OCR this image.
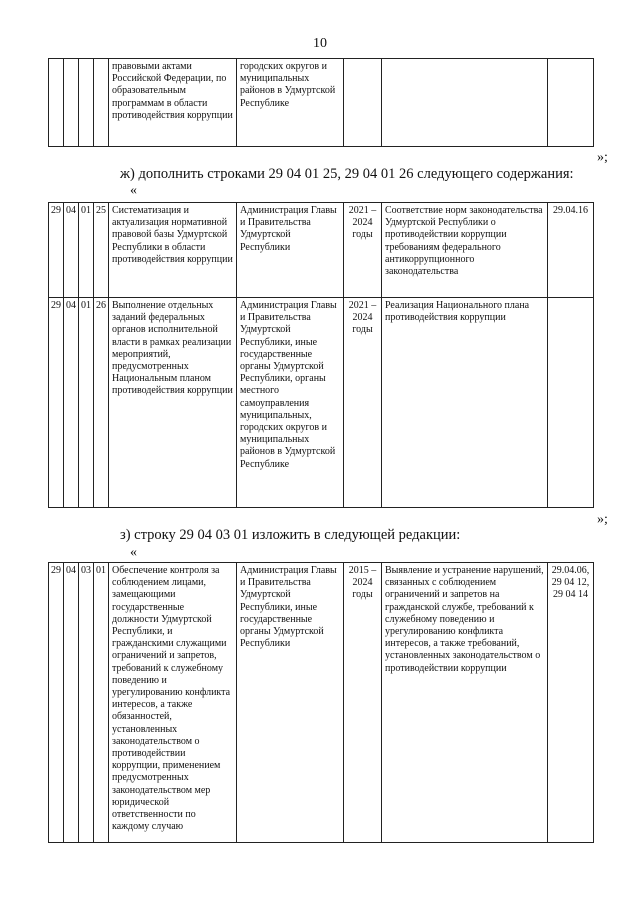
10
				правовыми актами Российской Федерации, по образовательным программам в области противодействия коррупции	городских округов и муниципальных районов в Удмуртской Республике			
»;
ж) дополнить строками 29 04 01 25, 29 04 01 26 следующего содержания:
«
29	04	01	25	Систематизация и актуализация нормативной правовой базы Удмуртской Республики в области противодействия коррупции	Администрация Главы и Правительства Удмуртской Республики	2021 – 2024 годы	Соответствие норм законодательства Удмуртской Республики о противодействии коррупции требованиям федерального антикоррупционного законодательства	29.04.16
29	04	01	26	Выполнение отдельных заданий федеральных органов исполнительной власти в рамках реализации мероприятий, предусмотренных Национальным планом противодействия коррупции	Администрация Главы и Правительства Удмуртской Республики, иные государственные органы Удмуртской Республики, органы местного самоуправления муниципальных, городских округов и муниципальных районов в Удмуртской Республике	2021 – 2024 годы	Реализация Национального плана противодействия коррупции	
»;
з) строку 29 04 03 01 изложить в следующей редакции:
«
29	04	03	01	Обеспечение контроля за соблюдением лицами, замещающими государственные должности Удмуртской Республики, и гражданскими служащими ограничений и запретов, требований к служебному поведению и урегулированию конфликта интересов, а также обязанностей, установленных законодательством о противодействии коррупции, применением предусмотренных законодательством мер юридической ответственности по каждому случаю	Администрация Главы и Правительства Удмуртской Республики, иные государственные органы Удмуртской Республики	2015 – 2024 годы	Выявление и устранение нарушений, связанных с соблюдением ограничений и запретов на гражданской службе, требований к служебному поведению и урегулированию конфликта интересов, а также требований, установленных законодательством о противодействии коррупции	29.04.06, 29 04 12, 29 04 14
